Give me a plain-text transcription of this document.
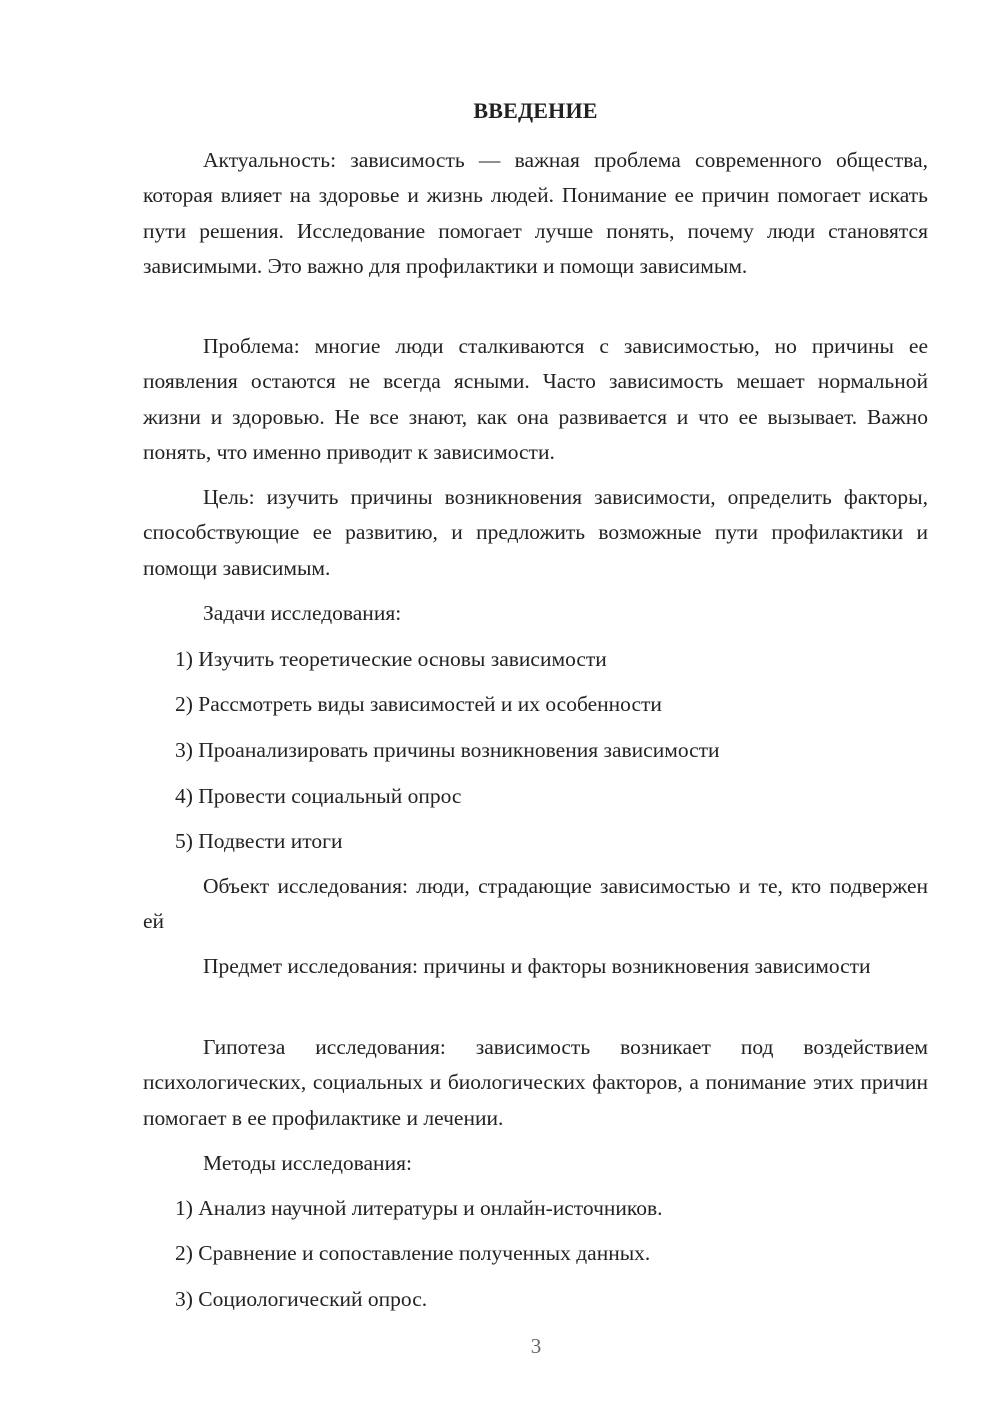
ВВЕДЕНИЕ

Актуальность: зависимость — важная проблема современного общества, которая влияет на здоровье и жизнь людей. Понимание ее причин помогает искать пути решения. Исследование помогает лучше понять, почему люди становятся зависимыми. Это важно для профилактики и помощи зависимым.

Проблема: многие люди сталкиваются с зависимостью, но причины ее появления остаются не всегда ясными. Часто зависимость мешает нормальной жизни и здоровью. Не все знают, как она развивается и что ее вызывает. Важно понять, что именно приводит к зависимости.

Цель: изучить причины возникновения зависимости, определить факторы, способствующие ее развитию, и предложить возможные пути профилактики и помощи зависимым.

Задачи исследования:

1) Изучить теоретические основы зависимости

2) Рассмотреть виды зависимостей и их особенности

3) Проанализировать причины возникновения зависимости

4) Провести социальный опрос

5) Подвести итоги

Объект исследования: люди, страдающие зависимостью и те, кто подвержен ей

Предмет исследования: причины и факторы возникновения зависимости

Гипотеза исследования: зависимость возникает под воздействием психологических, социальных и биологических факторов, а понимание этих причин помогает в ее профилактике и лечении.

Методы исследования:

1) Анализ научной литературы и онлайн-источников.

2) Сравнение и сопоставление полученных данных.

3) Социологический опрос.

3
